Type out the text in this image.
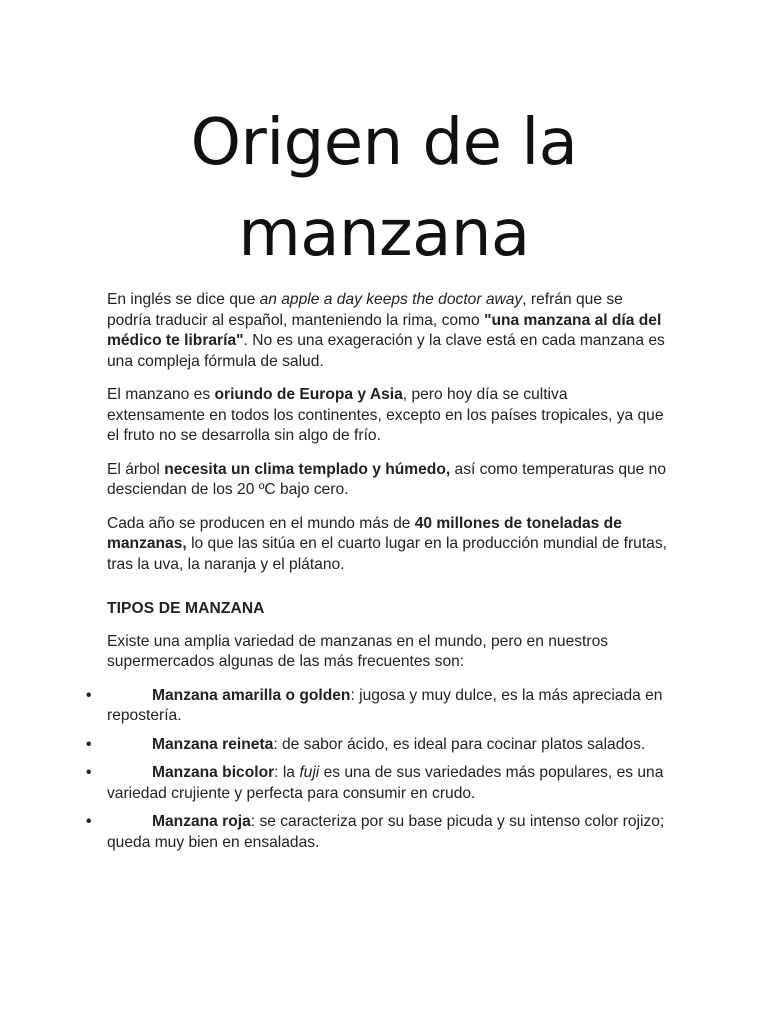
Origen de la
manzana

En inglés se dice que an apple a day keeps the doctor away, refrán que se podría traducir al español, manteniendo la rima, como "una manzana al día del médico te libraría". No es una exageración y la clave está en cada manzana es una compleja fórmula de salud.

El manzano es oriundo de Europa y Asia, pero hoy día se cultiva extensamente en todos los continentes, excepto en los países tropicales, ya que el fruto no se desarrolla sin algo de frío.

El árbol necesita un clima templado y húmedo, así como temperaturas que no desciendan de los 20 ºC bajo cero.

Cada año se producen en el mundo más de 40 millones de toneladas de manzanas, lo que las sitúa en el cuarto lugar en la producción mundial de frutas, tras la uva, la naranja y el plátano.

TIPOS DE MANZANA

Existe una amplia variedad de manzanas en el mundo, pero en nuestros supermercados algunas de las más frecuentes son:

•	Manzana amarilla o golden: jugosa y muy dulce, es la más apreciada en repostería.
•	Manzana reineta: de sabor ácido, es ideal para cocinar platos salados.
•	Manzana bicolor: la fuji es una de sus variedades más populares, es una variedad crujiente y perfecta para consumir en crudo.
•	Manzana roja: se caracteriza por su base picuda y su intenso color rojizo; queda muy bien en ensaladas.
